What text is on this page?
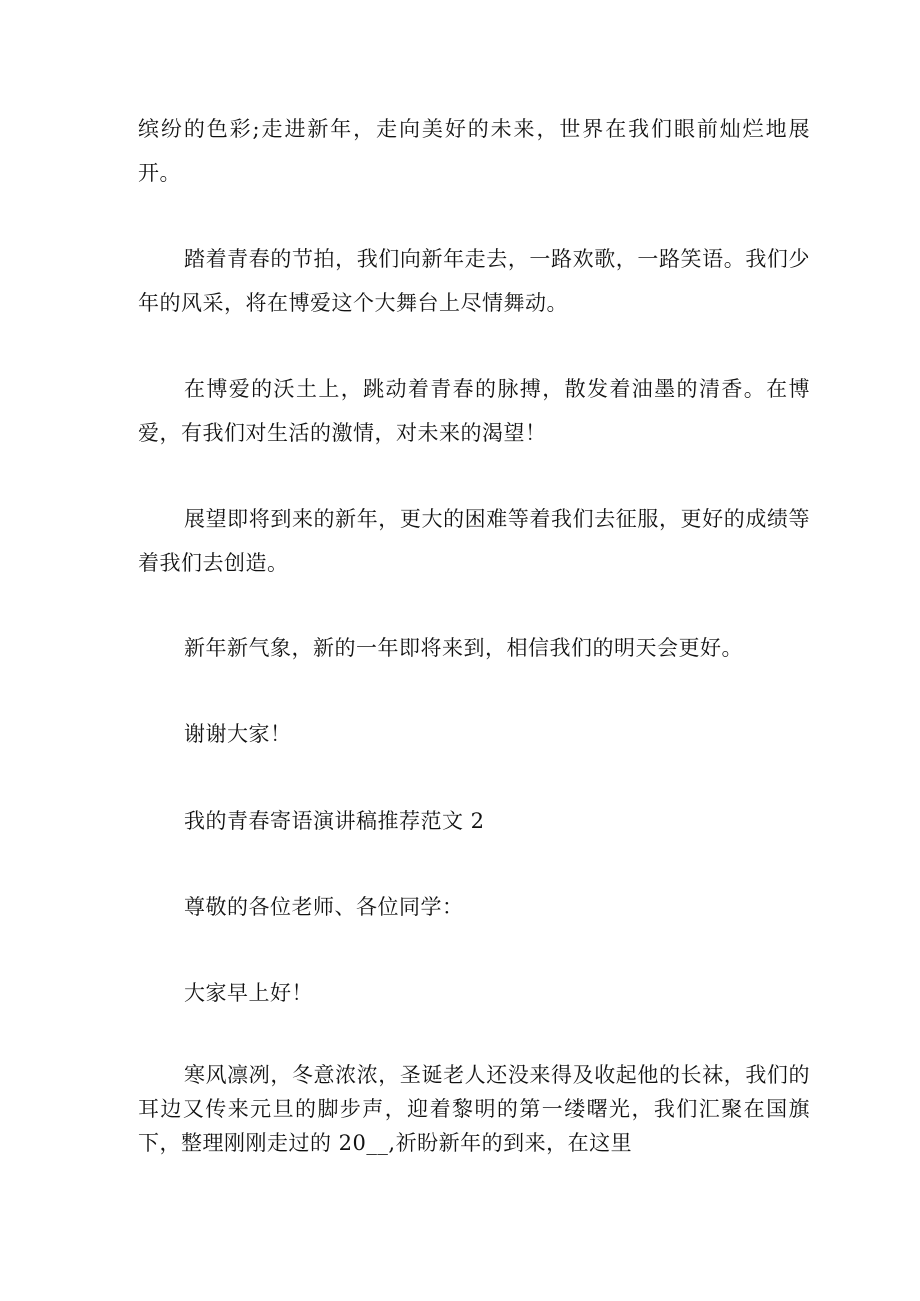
缤纷的色彩;走进新年，走向美好的未来，世界在我们眼前灿烂地展开。

踏着青春的节拍，我们向新年走去，一路欢歌，一路笑语。我们少年的风采，将在博爱这个大舞台上尽情舞动。

在博爱的沃土上，跳动着青春的脉搏，散发着油墨的清香。在博爱，有我们对生活的激情，对未来的渴望！

展望即将到来的新年，更大的困难等着我们去征服，更好的成绩等着我们去创造。

新年新气象，新的一年即将来到，相信我们的明天会更好。

谢谢大家！

我的青春寄语演讲稿推荐范文 2

尊敬的各位老师、各位同学：

大家早上好！

寒风凛冽，冬意浓浓，圣诞老人还没来得及收起他的长袜，我们的耳边又传来元旦的脚步声，迎着黎明的第一缕曙光，我们汇聚在国旗下，整理刚刚走过的 20__,祈盼新年的到来，在这里
